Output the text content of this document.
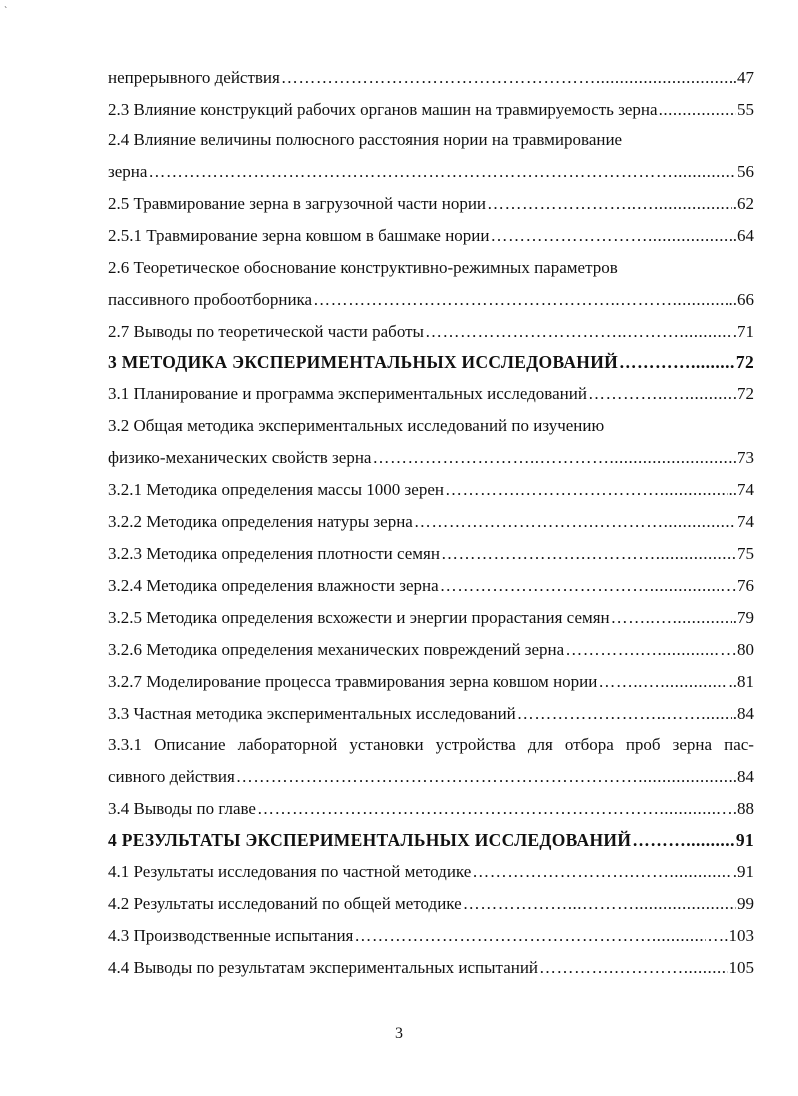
`
непрерывного действия ……………………………………………… .....	.47
2.3 Влияние конструкций рабочих органов машин на травмируемость зерна .... .....	55
2.4 Влияние величины полюсного расстояния нории на травмирование
зерна ……………………………………………………………………………….. .....	56
2.5 Травмирование зерна в загрузочной части нории ……………………..… .....	.62
2.5.1 Травмирование зерна ковшом в башмаке нории ………………………. .....	.64
2.6 Теоретическое обоснование конструктивно-режимных параметров
пассивного пробоотборника ……………………………………………..……… .....	..66
2.7 Выводы по теоретической части работы ……………………………..……… .....	.71
3 МЕТОДИКА ЭКСПЕРИМЕНТАЛЬНЫХ ИССЛЕДОВАНИЙ ………….. .....	72
3.1 Планирование и программа экспериментальных исследований …………..… .....	.72
3.2 Общая методика экспериментальных исследований по изучению
физико-механических свойств зерна ………………………..………… .....	.73
3.2.1 Методика определения массы 1000 зерен ………….…………………… .....	..74
3.2.2 Методика определения натуры зерна ………………………….…………. .....	74
3.2.3 Методика определения плотности семян …………………….…………. .....	75
3.2.4 Методика определения влажности зерна ……………………………… .....	…76
3.2.5 Методика определения всхожести и энергии прорастания семян ……..… .....	.79
3.2.6 Методика определения механических повреждений зерна ………….….. .....	…80
3.2.7 Моделирование процесса травмирования зерна ковшом нории ……..… .....	..81
3.3 Частная методика экспериментальных исследований ……………………..…… .....	.84
3.3.1 Описание лабораторной установки устройства для отбора проб зерна пас-
сивного действия …………………………………………………………… .....	..84
3.4 Выводы по главе …………………………………………………………… .....	….88
4 РЕЗУЛЬТАТЫ ЭКСПЕРИМЕНТАЛЬНЫХ ИССЛЕДОВАНИЙ ………. .....	91
4.1 Результаты исследования по частной методике ……………………….…… .....	.91
4.2 Результаты исследований по общей методике ………………...………...... .....	99
4.3 Производственные испытания …………………………………………….. .....	….103
4.4 Выводы по результатам экспериментальных испытаний ………….………… .....	105
3
